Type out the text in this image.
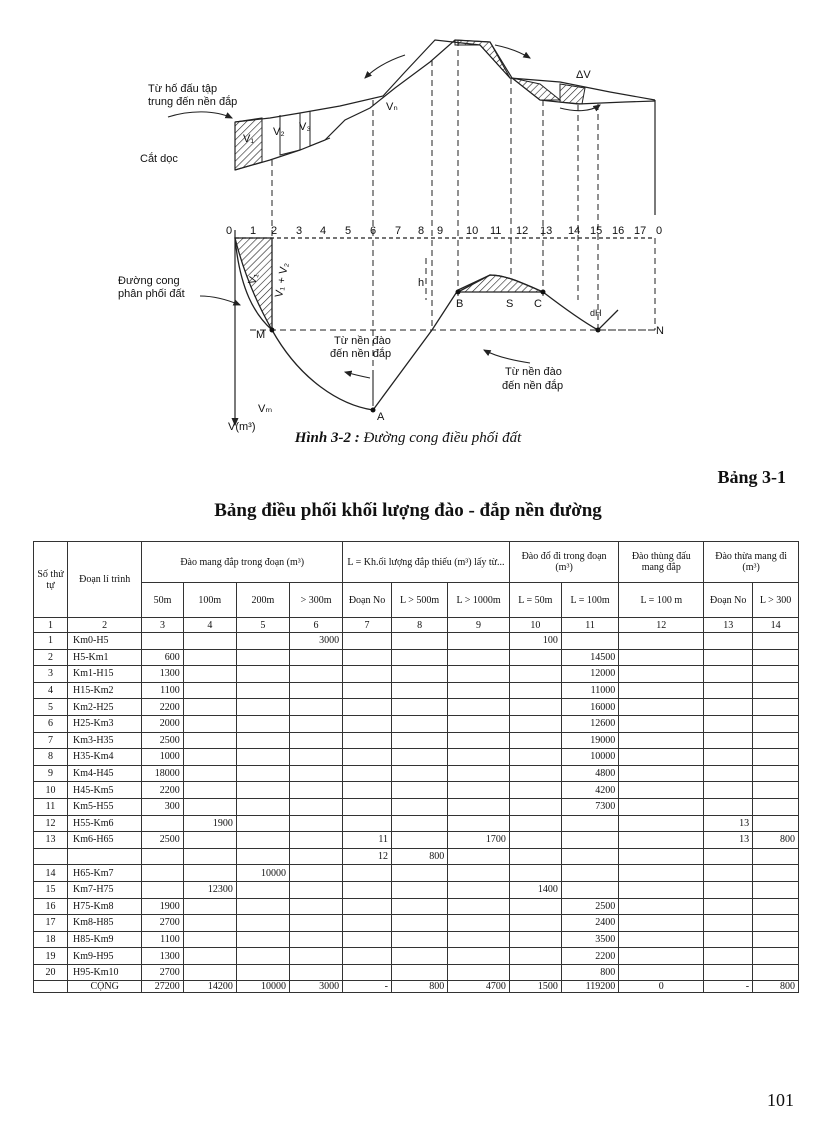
0 1 2 3 4 5 6 7 8 9 10 11 12 13 14 15 16 17 0
M
A
B	S C
N
h
dH
Vₘ
V(m³)
V₁
V₂ V₃
Vₙ
ΔV
V₁ V₁ + V₂
Từ hố đấu tập
trung đến nền đắp
Cắt dọc
Đường cong
phân phối đất
Từ nền đào
đến nền đắp
Từ nền đào
đến nền đắp
Hình 3-2 : Đường cong điều phối đất
Bảng 3-1
Bảng điều phối khối lượng đào - đắp nền đường
Số thứ tự	Đoạn lí trình	Đào mang đắp trong đoạn (m³)				L = Kh.ối lượng đắp thiếu (m³) lấy từ...			Đào đổ đi trong đoạn (m³)		Đào thùng đấu mang đắp	Đào thừa mang đi (m³)	
		50m	100m	200m	> 300m	Đoạn No	L > 500m	L > 1000m	L = 50m	L = 100m	L = 100 m	Đoạn No	L > 300
1	2	3	4	5	6	7	8	9	10	11	12	13	14
1	Km0-H5				3000				100				
2	H5-Km1	600								14500			
3	Km1-H15	1300								12000			
4	H15-Km2	1100								11000			
5	Km2-H25	2200								16000			
6	H25-Km3	2000								12600			
7	Km3-H35	2500								19000			
8	H35-Km4	1000								10000			
9	Km4-H45	18000								4800			
10	H45-Km5	2200								4200			
11	Km5-H55	300								7300			
12	H55-Km6		1900									13	
13	Km6-H65	2500				11		1700				13	800
						12	800						
14	H65-Km7			10000									
15	Km7-H75		12300						1400				
16	H75-Km8	1900								2500			
17	Km8-H85	2700								2400			
18	H85-Km9	1100								3500			
19	Km9-H95	1300								2200			
20	H95-Km10	2700								800			
	CỘNG	27200	14200	10000	3000	-	800	4700	1500	119200	0	-	800
101
